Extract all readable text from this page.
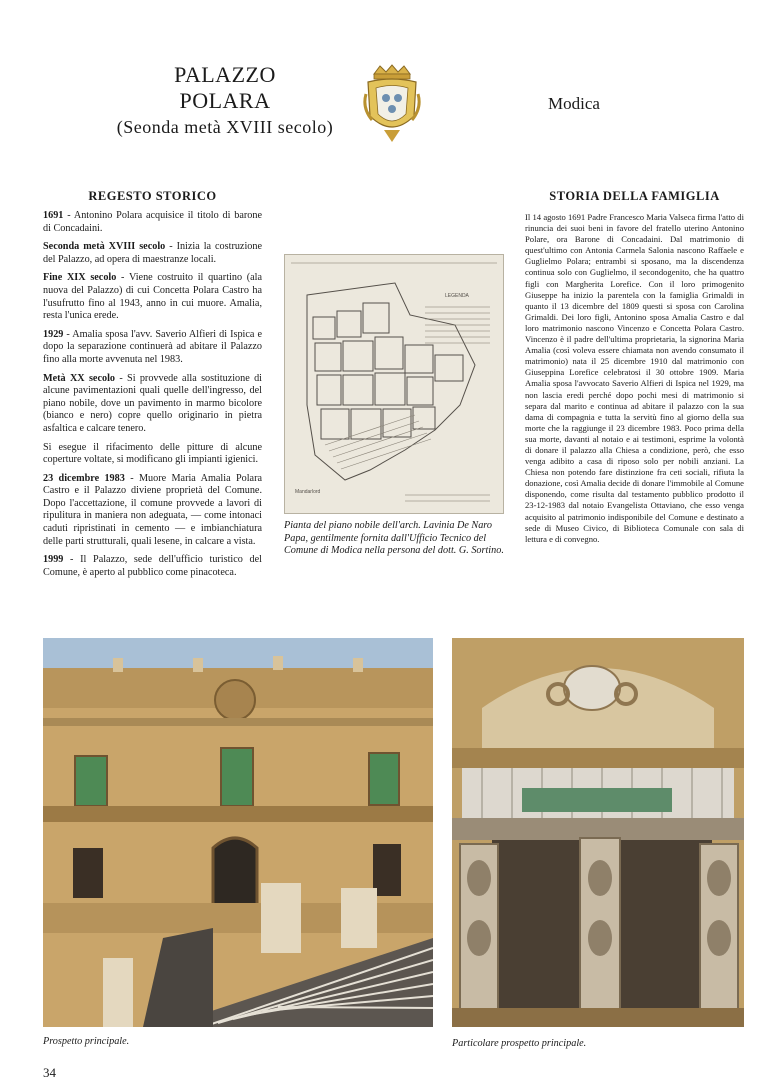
PALAZZO
POLARA
(Seonda metà XVIII secolo)
Modica
REGESTO STORICO	STORIA DELLA FAMIGLIA

1691 - Antonino Polara acquisice il titolo di barone di Concadaini.

Seconda metà XVIII secolo - Inizia la costruzione del Palazzo, ad opera di maestranze locali.

Fine XIX secolo - Viene costruito il quartino (ala nuova del Palazzo) di cui Concetta Polara Castro ha l'usufrutto fino al 1943, anno in cui muore. Amalia, resta l'unica erede.

1929 - Amalia sposa l'avv. Saverio Alfieri di Ispica e dopo la separazione continuerà ad abitare il Palazzo fino alla morte avvenuta nel 1983.

Metà XX secolo - Si provvede alla sostituzione di alcune pavimentazioni quali quelle dell'ingresso, del piano nobile, dove un pavimento in marmo bicolore (bianco e nero) copre quello originario in pietra asfaltica e calcare tenero.

Si esegue il rifacimento delle pitture di alcune coperture voltate, si modificano gli impianti igienici.

23 dicembre 1983 - Muore Maria Amalia Polara Castro e il Palazzo diviene proprietà del Comune. Dopo l'accettazione, il comune provvede a lavori di ripulitura in maniera non adeguata, — come intonaci caduti ripristinati in cemento — e imbianchiatura delle parti strutturali, quali lesene, in calcare a vista.

1999 - Il Palazzo, sede dell'ufficio turistico del Comune, è aperto al pubblico come pinacoteca.

LEGENDA
Mandarlord
Pianta del piano nobile dell'arch. Lavinia De Naro Papa, gentilmente fornita dall'Ufficio Tecnico del Comune di Modica nella persona del dott. G. Sortino.

Il 14 agosto 1691 Padre Francesco Maria Valseca firma l'atto di rinuncia dei suoi beni in favore del fratello uterino Antonino Polare, ora Barone di Concadaini. Dal matrimonio di quest'ultimo con Antonia Carmela Salonia nascono Raffaele e Guglielmo Polara; entrambi si sposano, ma la discendenza continua solo con Guglielmo, il secondogenito, che ha quattro figli con Margherita Lorefice. Con il loro primogenito Giuseppe ha inizio la parentela con la famiglia Grimaldi in quanto il 13 dicembre del 1809 questi si sposa con Carolina Grimaldi. Dei loro figli, Antonino sposa Amalia Castro e dal loro matrimonio nascono Vincenzo e Concetta Polara Castro. Vincenzo è il padre dell'ultima proprietaria, la signorina Maria Amalia (così voleva essere chiamata non avendo consumato il matrimonio) nata il 25 dicembre 1910 dal matrimonio con Giuseppina Lorefice celebratosi il 30 ottobre 1909. Maria Amalia sposa l'avvocato Saverio Alfieri di Ispica nel 1929, ma non lascia eredi perché dopo pochi mesi di matrimonio si separa dal marito e continua ad abitare il palazzo con la sua dama di compagnia e tutta la servitù fino al giorno della sua morte che la raggiunge il 23 dicembre 1983. Poco prima della sua morte, davanti al notaio e ai testimoni, esprime la volontà di donare il palazzo alla Chiesa a condizione, però, che esso venga adibito a casa di riposo solo per nobili anziani. La Chiesa non potendo fare distinzione fra ceti sociali, rifiuta la donazione, così Amalia decide di donare l'immobile al Comune disponendo, come risulta dal testamento pubblico prodotto il 23-12-1983 dal notaio Evangelista Ottaviano, che esso venga acquisito al patrimonio indisponibile del Comune e destinato a sede di Museo Civico, di Biblioteca Comunale con sala di lettura e di convegno.

Prospetto principale.	Particolare prospetto principale.
34
